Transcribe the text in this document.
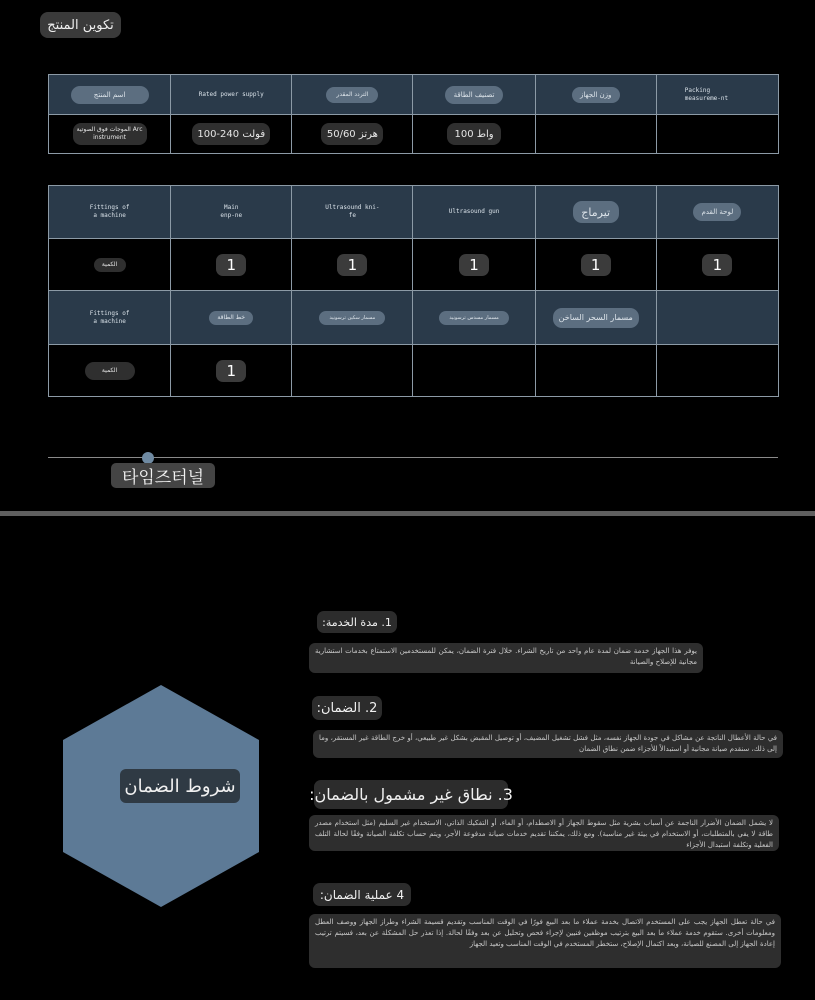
تكوين المنتج
اسم المنتج	Rated power supply	التردد المقدر	تصنيف الطاقة	وزن الجهاز	Packing measureme-nt

الموجات فوق الصوتية Arc instrument	100-240 فولت	50/60 هرتز	100 واط		

Fittings of a machine	Main enp-ne	Ultrasound kni-fe	Ultrasound gun	تيرماج	لوحة القدم

الكمية	1	1	1	1	1

Fittings of a machine	خط الطاقة	مسمار سكين ترسونيد	مسمار مسدس ترسونيد	مسمار السحر الساخن	

الكمية	1				

타임즈터널
شروط الضمان
1. مدة الخدمة:
يوفر هذا الجهاز خدمة ضمان لمدة عام واحد من تاريخ الشراء. خلال فترة الضمان، يمكن للمستخدمين الاستمتاع بخدمات استشارية مجانية للإصلاح والصيانة
2. الضمان:
في حالة الأعطال الناتجة عن مشاكل في جودة الجهاز نفسه، مثل فشل تشغيل المضيف، أو توصيل المقبض بشكل غير طبيعي، أو خرج الطاقة غير المستقر، وما إلى ذلك، سنقدم صيانة مجانية أو استبدالاً للأجزاء ضمن نطاق الضمان
3. نطاق غير مشمول بالضمان:
لا يشمل الضمان الأضرار الناجمة عن أسباب بشرية مثل سقوط الجهاز أو الاصطدام، أو الماء، أو التفكيك الذاتي، الاستخدام غير السليم (مثل استخدام مصدر طاقة لا يفي بالمتطلبات، أو الاستخدام في بيئة غير مناسبة). ومع ذلك، يمكننا تقديم خدمات صيانة مدفوعة الأجر، ويتم حساب تكلفة الصيانة وفقًا لحالة التلف الفعلية وتكلفة استبدال الأجزاء
4 عملية الضمان:
في حالة تعطل الجهاز يجب على المستخدم الاتصال بخدمة عملاء ما بعد البيع فورًا في الوقت المناسب وتقديم قسيمة الشراء وطراز الجهاز ووصف العطل ومعلومات أخرى. ستقوم خدمة عملاء ما بعد البيع بترتيب موظفين فنيين لإجراء فحص وتحليل عن بعد وفقًا لحالة. إذا تعذر حل المشكلة عن بعد، فسيتم ترتيب إعادة الجهاز إلى المصنع للصيانة، وبعد اكتمال الإصلاح، ستخطر المستخدم في الوقت المناسب وتعيد الجهاز
